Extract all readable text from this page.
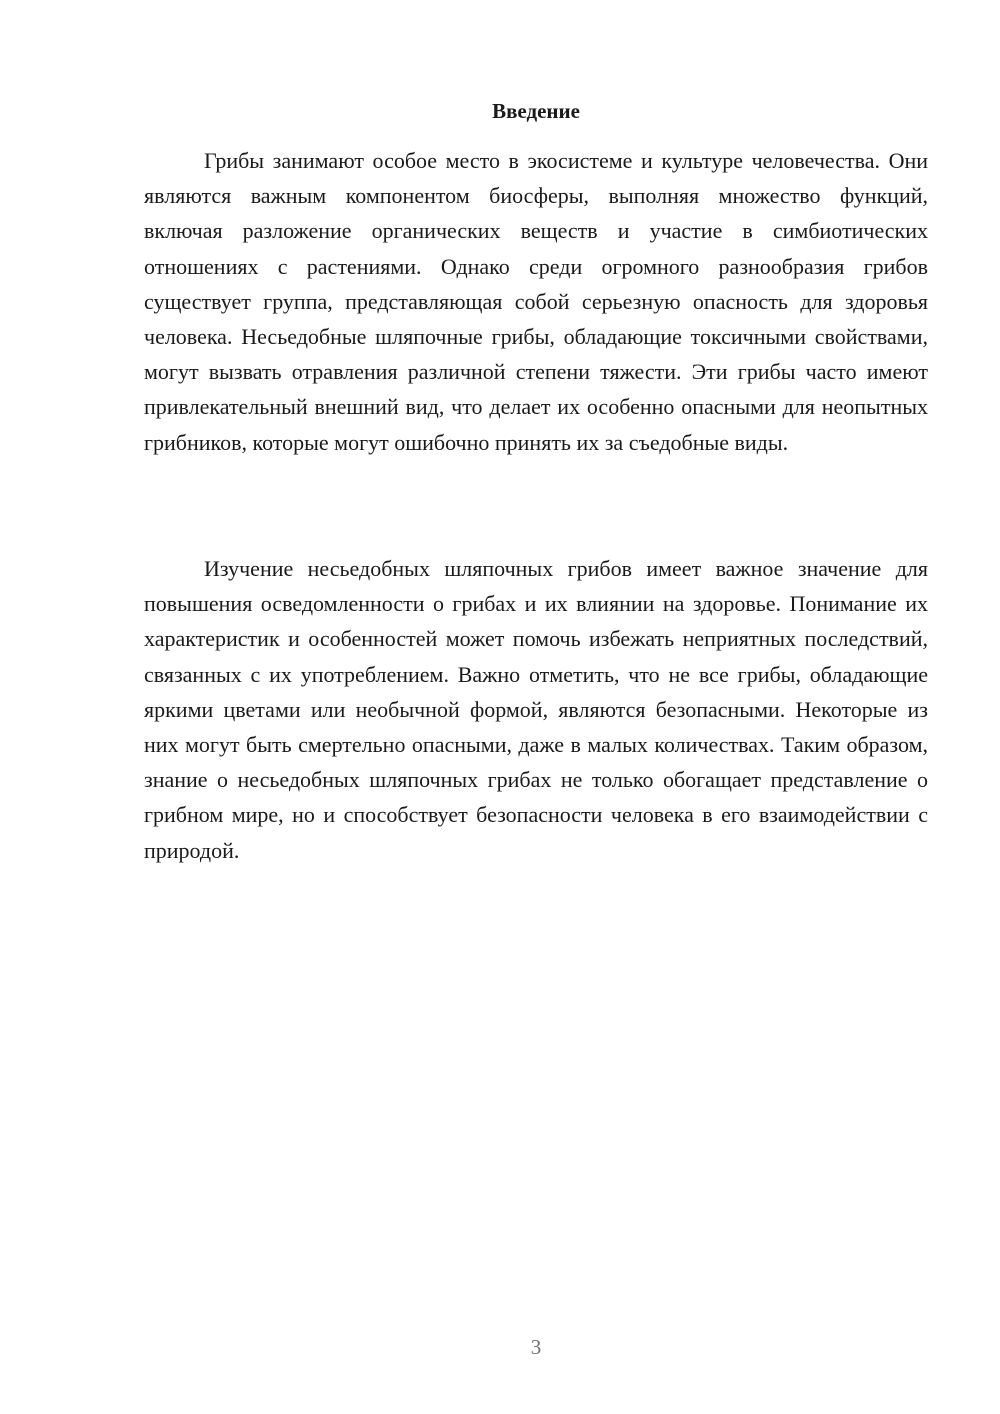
Введение

Грибы занимают особое место в экосистеме и культуре человечества. Они являются важным компонентом биосферы, выполняя множество функций, включая разложение органических веществ и участие в симбиотических отношениях с растениями. Однако среди огромного разнообразия грибов существует группа, представляющая собой серьезную опасность для здоровья человека. Несьедобные шляпочные грибы, обладающие токсичными свойствами, могут вызвать отравления различной степени тяжести. Эти грибы часто имеют привлекательный внешний вид, что делает их особенно опасными для неопытных грибников, которые могут ошибочно принять их за съедобные виды.

Изучение несьедобных шляпочных грибов имеет важное значение для повышения осведомленности о грибах и их влиянии на здоровье. Понимание их характеристик и особенностей может помочь избежать неприятных последствий, связанных с их употреблением. Важно отметить, что не все грибы, обладающие яркими цветами или необычной формой, являются безопасными. Некоторые из них могут быть смертельно опасными, даже в малых количествах. Таким образом, знание о несьедобных шляпочных грибах не только обогащает представление о грибном мире, но и способствует безопасности человека в его взаимодействии с природой.

3
